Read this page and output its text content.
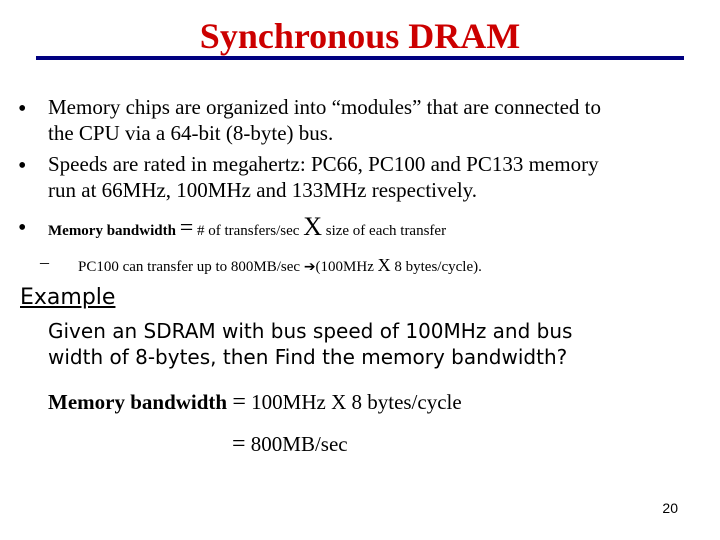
Synchronous DRAM
• Memory chips are organized into “modules” that are connected to
the CPU via a 64-bit (8-byte) bus.
• Speeds are rated in megahertz: PC66, PC100 and PC133 memory
run at 66MHz, 100MHz and 133MHz respectively.
• Memory bandwidth = # of transfers/sec X size of each transfer
– PC100 can transfer up to 800MB/sec ➔(100MHz X 8 bytes/cycle).
Example
Given an SDRAM with bus speed of 100MHz and bus
width of 8-bytes, then Find the memory bandwidth?
Memory bandwidth = 100MHz X 8 bytes/cycle
= 800MB/sec
20
